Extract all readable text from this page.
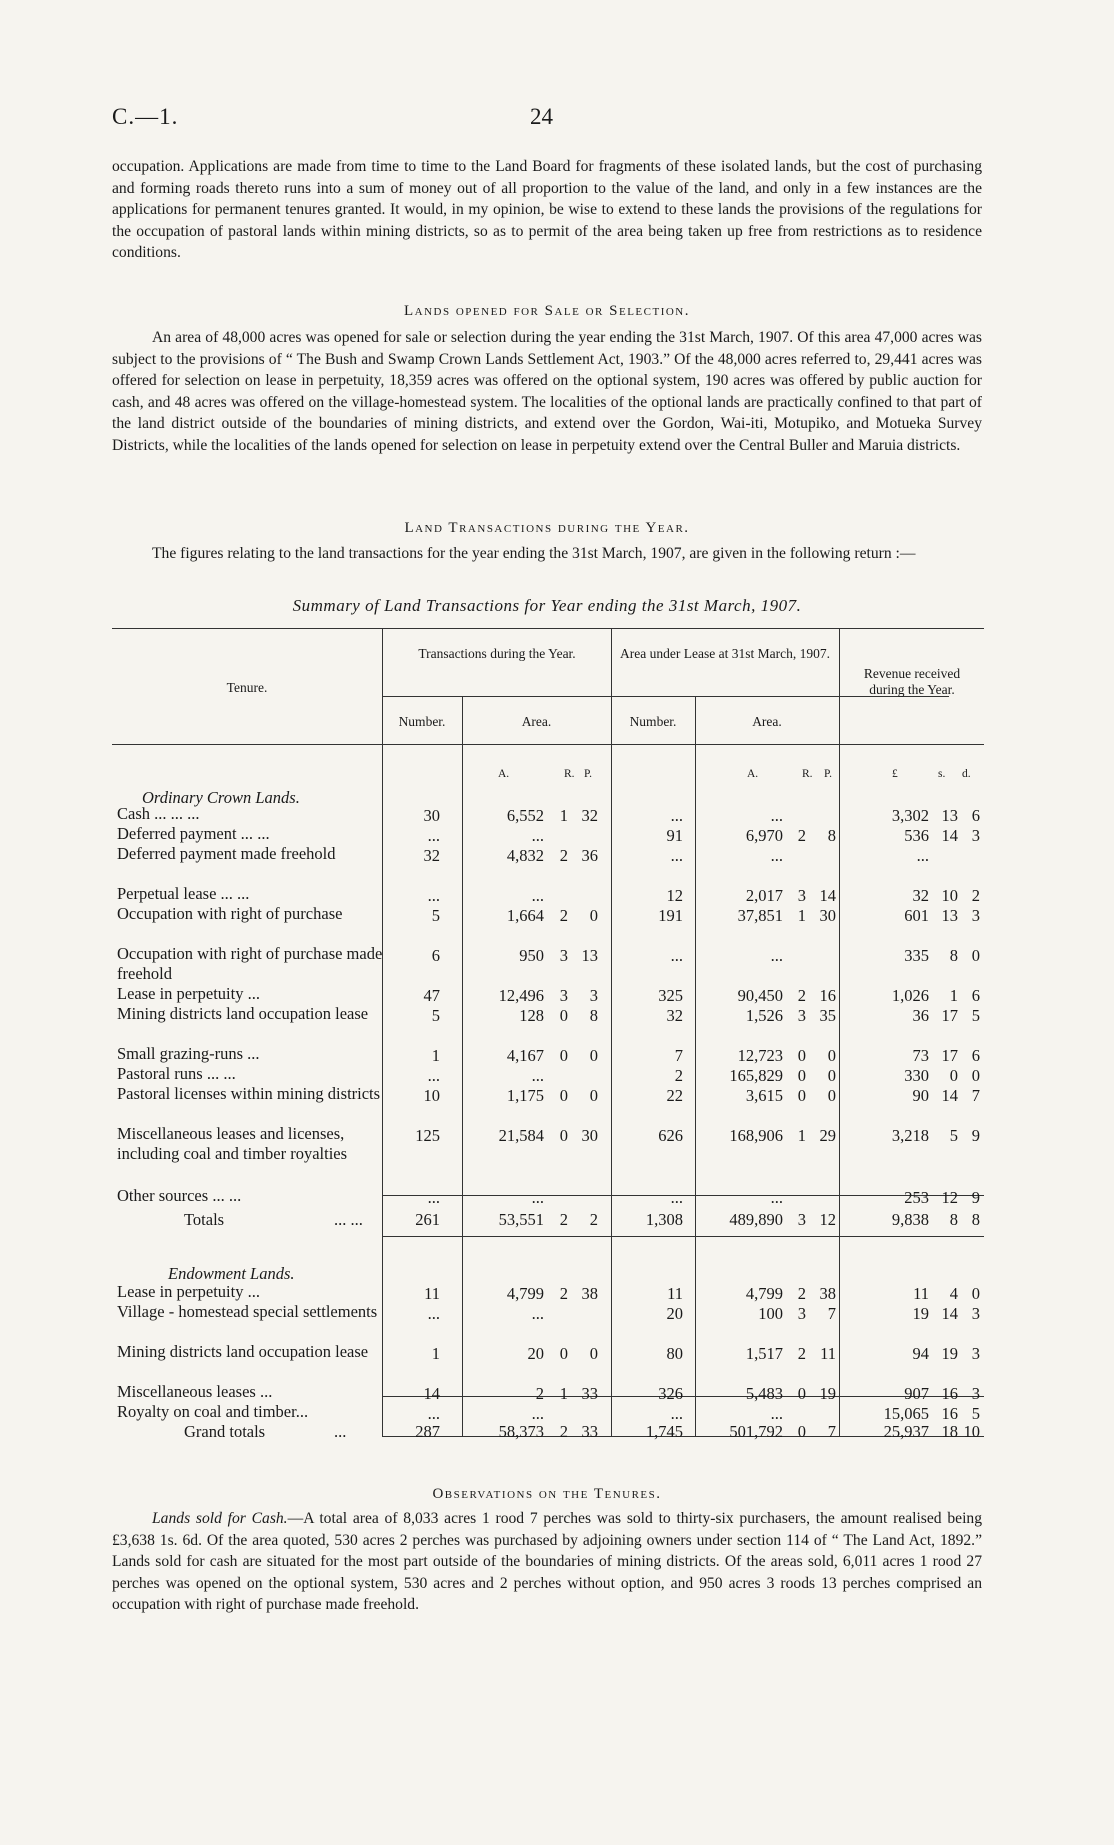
C.—1.	24

occupation. Applications are made from time to time to the Land Board for fragments of these isolated lands, but the cost of purchasing and forming roads thereto runs into a sum of money out of all proportion to the value of the land, and only in a few instances are the applications for permanent tenures granted. It would, in my opinion, be wise to extend to these lands the provisions of the regulations for the occupation of pastoral lands within mining districts, so as to permit of the area being taken up free from restrictions as to residence conditions.

Lands opened for Sale or Selection.

An area of 48,000 acres was opened for sale or selection during the year ending the 31st March, 1907. Of this area 47,000 acres was subject to the provisions of “ The Bush and Swamp Crown Lands Settlement Act, 1903.” Of the 48,000 acres referred to, 29,441 acres was offered for selection on lease in perpetuity, 18,359 acres was offered on the optional system, 190 acres was offered by public auction for cash, and 48 acres was offered on the village-homestead system. The localities of the optional lands are practically confined to that part of the land district outside of the boundaries of mining districts, and extend over the Gordon, Wai-iti, Motupiko, and Motueka Survey Districts, while the localities of the lands opened for selection on lease in perpetuity extend over the Central Buller and Maruia districts.

Land Transactions during the Year.

The figures relating to the land transactions for the year ending the 31st March, 1907, are given in the following return :—

Summary of Land Transactions for Year ending the 31st March, 1907.
Tenure.
Transactions during the Year.	Area under Lease at 31st March, 1907.
Revenue received during the Year.
Number.	Area.	Number.	Area.
A.	R. P.	A.	R. P.	£	s. d.
Ordinary Crown Lands.
Cash ... ... ...	30	6,552 1 32	...	...	3,302 13 6
Deferred payment ... ...	...	...	91	6,970 2	8	536 14 3
Deferred payment made freehold	32	4,832 2 36	...	...	...
Perpetual lease ... ...	...	...	12	2,017 3 14	32 10 2
Occupation with right of purchase	5	1,664 2	0	191	37,851 1 30	601 13 3
Occupation with right of purchase made freehold
6	950 3 13	...	...	335	8 0
Lease in perpetuity ...	47	12,496 3	3	325	90,450 2 16	1,026	1 6
Mining districts land occupation lease	5	128 0	8	32	1,526 3 35	36 17 5
Small grazing-runs ...	1	4,167 0	0	7	12,723 0	0	73 17 6
Pastoral runs ... ...	...	...	2	165,829 0	0	330	0 0
Pastoral licenses within mining districts	10	1,175 0	0	22	3,615 0	0	90 14 7
Miscellaneous leases and licenses, including coal and timber royalties
125	21,584 0 30	626	168,906 1 29	3,218	5 9
Other sources ... ...	...	...	...	...	253 12 9
Totals	... ...	261	53,551 2	2	1,308	489,890 3 12	9,838	8 8
Endowment Lands.
Lease in perpetuity ...	11	4,799 2 38	11	4,799 2 38	11	4 0
Village - homestead special settlements	...	...	20	100 3	7	19 14 3
Mining districts land occupation lease	1	20 0	0	80	1,517 2 11	94 19 3
Miscellaneous leases ...	14	2 1 33	326	5,483 0 19	907 16 3
Royalty on coal and timber...	...	...	...	...	15,065 16 5
Grand totals	...	287	58,373 2 33	1,745	501,792 0	7	25,937 18 10
Observations on the Tenures.

Lands sold for Cash.—A total area of 8,033 acres 1 rood 7 perches was sold to thirty-six purchasers, the amount realised being £3,638 1s. 6d. Of the area quoted, 530 acres 2 perches was purchased by adjoining owners under section 114 of “ The Land Act, 1892.” Lands sold for cash are situated for the most part outside of the boundaries of mining districts. Of the areas sold, 6,011 acres 1 rood 27 perches was opened on the optional system, 530 acres and 2 perches without option, and 950 acres 3 roods 13 perches comprised an occupation with right of purchase made freehold.
